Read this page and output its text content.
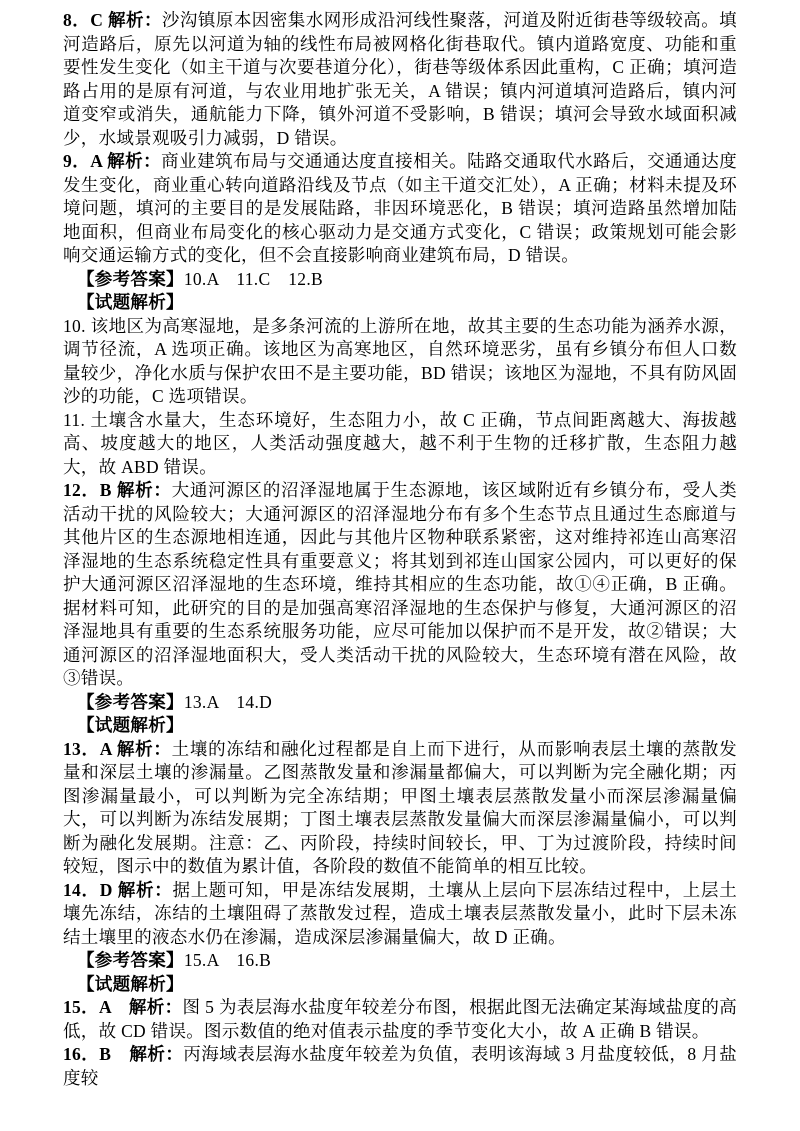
8．C 解析：沙沟镇原本因密集水网形成沿河线性聚落，河道及附近街巷等级较高。填河造路后，原先以河道为轴的线性布局被网格化街巷取代。镇内道路宽度、功能和重要性发生变化（如主干道与次要巷道分化），街巷等级体系因此重构，C 正确；填河造路占用的是原有河道，与农业用地扩张无关，A 错误；镇内河道填河造路后，镇内河道变窄或消失，通航能力下降，镇外河道不受影响，B 错误；填河会导致水域面积减少，水域景观吸引力减弱，D 错误。

9．A 解析：商业建筑布局与交通通达度直接相关。陆路交通取代水路后，交通通达度发生变化，商业重心转向道路沿线及节点（如主干道交汇处），A 正确；材料未提及环境问题，填河的主要目的是发展陆路，非因环境恶化，B 错误；填河造路虽然增加陆地面积，但商业布局变化的核心驱动力是交通方式变化，C 错误；政策规划可能会影响交通运输方式的变化，但不会直接影响商业建筑布局，D 错误。

【参考答案】10.A　11.C　12.B

【试题解析】

10. 该地区为高寒湿地，是多条河流的上游所在地，故其主要的生态功能为涵养水源，调节径流，A 选项正确。该地区为高寒地区，自然环境恶劣，虽有乡镇分布但人口数量较少，净化水质与保护农田不是主要功能，BD 错误；该地区为湿地，不具有防风固沙的功能，C 选项错误。

11. 土壤含水量大，生态环境好，生态阻力小，故 C 正确，节点间距离越大、海拔越高、坡度越大的地区，人类活动强度越大，越不利于生物的迁移扩散，生态阻力越大，故 ABD 错误。

12．B 解析：大通河源区的沼泽湿地属于生态源地，该区域附近有乡镇分布，受人类活动干扰的风险较大；大通河源区的沼泽湿地分布有多个生态节点且通过生态廊道与其他片区的生态源地相连通，因此与其他片区物种联系紧密，这对维持祁连山高寒沼泽湿地的生态系统稳定性具有重要意义；将其划到祁连山国家公园内，可以更好的保护大通河源区沼泽湿地的生态环境，维持其相应的生态功能，故①④正确，B 正确。据材料可知，此研究的目的是加强高寒沼泽湿地的生态保护与修复，大通河源区的沼泽湿地具有重要的生态系统服务功能，应尽可能加以保护而不是开发，故②错误；大通河源区的沼泽湿地面积大，受人类活动干扰的风险较大，生态环境有潜在风险，故③错误。

【参考答案】13.A　14.D

【试题解析】

13．A 解析：土壤的冻结和融化过程都是自上而下进行，从而影响表层土壤的蒸散发量和深层土壤的渗漏量。乙图蒸散发量和渗漏量都偏大，可以判断为完全融化期；丙图渗漏量最小，可以判断为完全冻结期；甲图土壤表层蒸散发量小而深层渗漏量偏大，可以判断为冻结发展期；丁图土壤表层蒸散发量偏大而深层渗漏量偏小，可以判断为融化发展期。注意：乙、丙阶段，持续时间较长，甲、丁为过渡阶段，持续时间较短，图示中的数值为累计值，各阶段的数值不能简单的相互比较。

14．D 解析：据上题可知，甲是冻结发展期，土壤从上层向下层冻结过程中，上层土壤先冻结，冻结的土壤阻碍了蒸散发过程，造成土壤表层蒸散发量小，此时下层未冻结土壤里的液态水仍在渗漏，造成深层渗漏量偏大，故 D 正确。

【参考答案】15.A　16.B

【试题解析】

15．A　解析：图 5 为表层海水盐度年较差分布图，根据此图无法确定某海域盐度的高低，故 CD 错误。图示数值的绝对值表示盐度的季节变化大小，故 A 正确 B 错误。

16．B　解析：丙海域表层海水盐度年较差为负值，表明该海域 3 月盐度较低，8 月盐度较
